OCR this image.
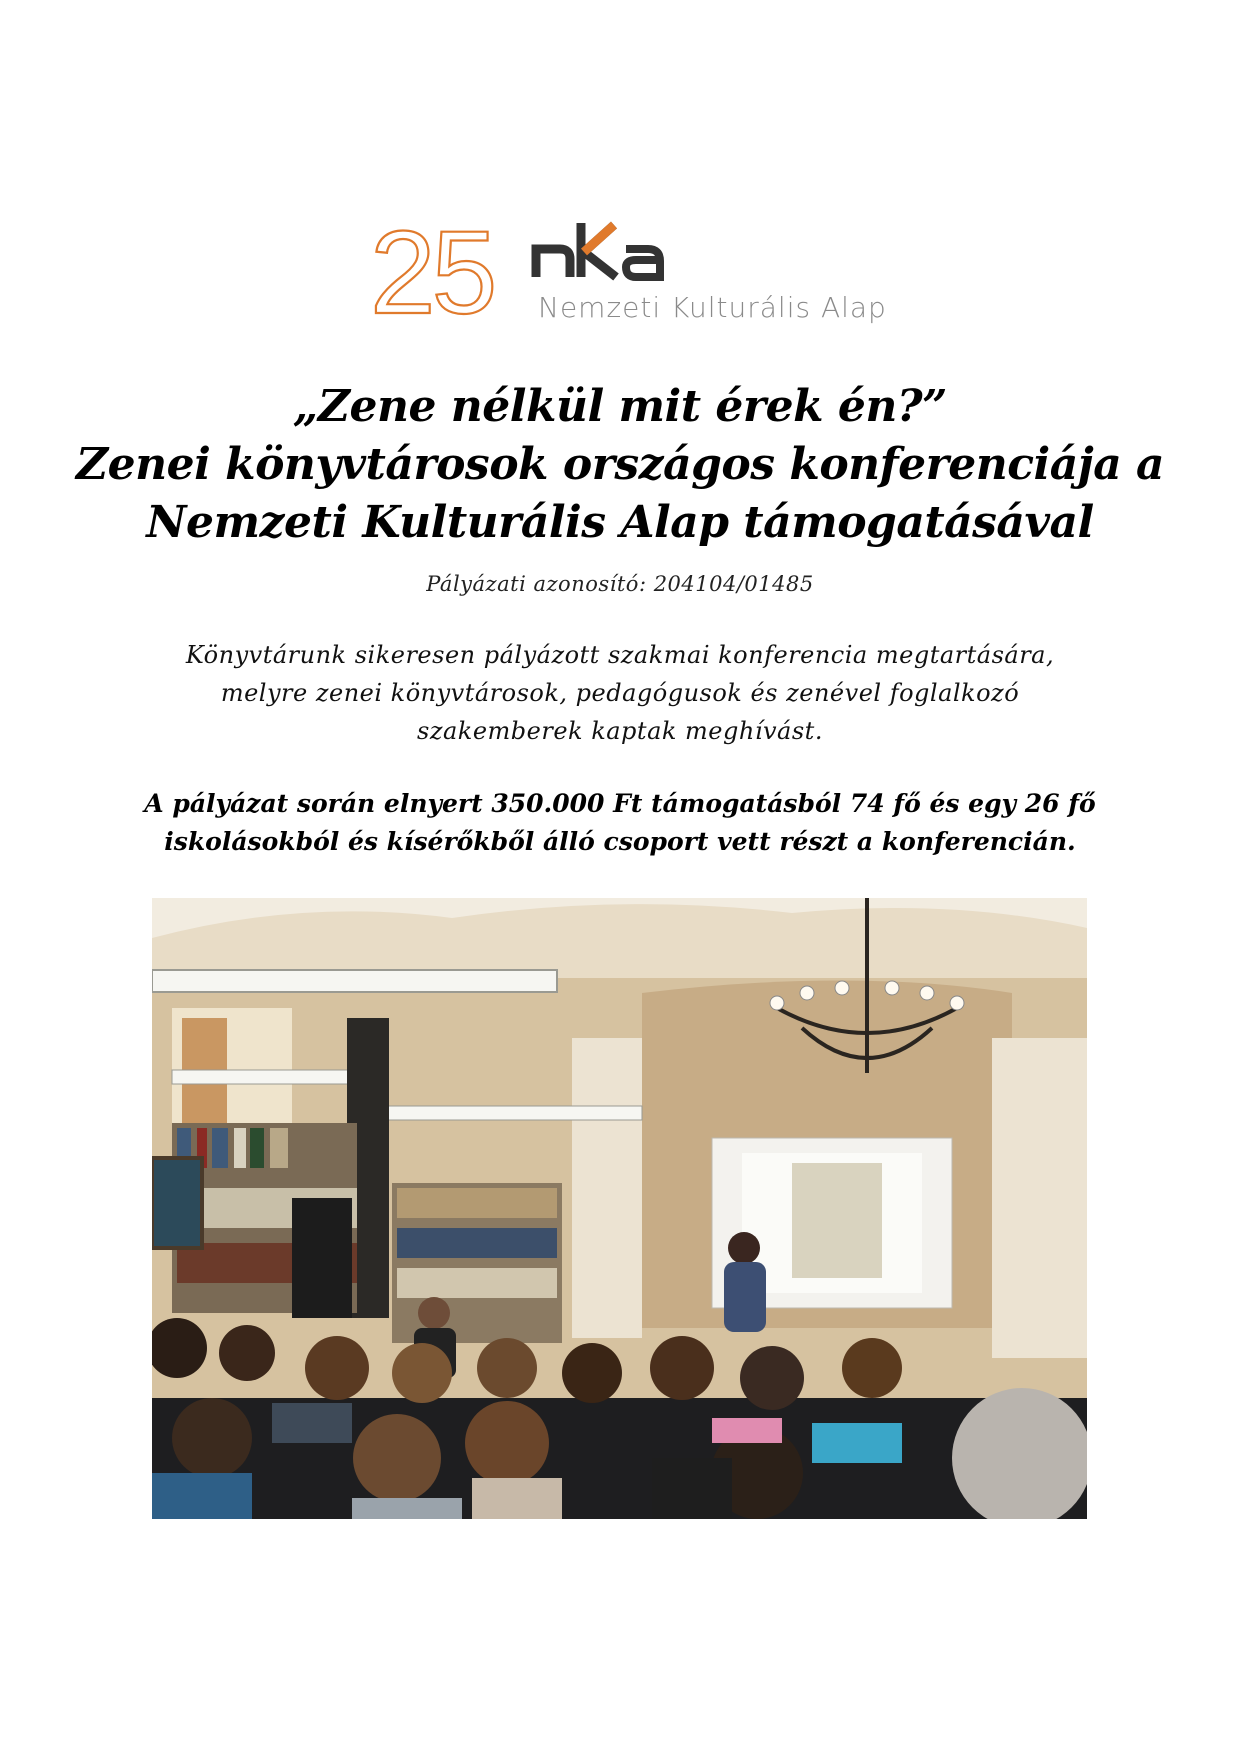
25 Nemzeti Kulturális Alap
„Zene nélkül mit érek én?”
Zenei könyvtárosok országos konferenciája a
Nemzeti Kulturális Alap támogatásával
Pályázati azonosító: 204104/01485
Könyvtárunk sikeresen pályázott szakmai konferencia megtartására,
melyre zenei könyvtárosok, pedagógusok és zenével foglalkozó
szakemberek kaptak meghívást.
A pályázat során elnyert 350.000 Ft támogatásból 74 fő és egy 26 fő
iskolásokból és kísérőkből álló csoport vett részt a konferencián.
